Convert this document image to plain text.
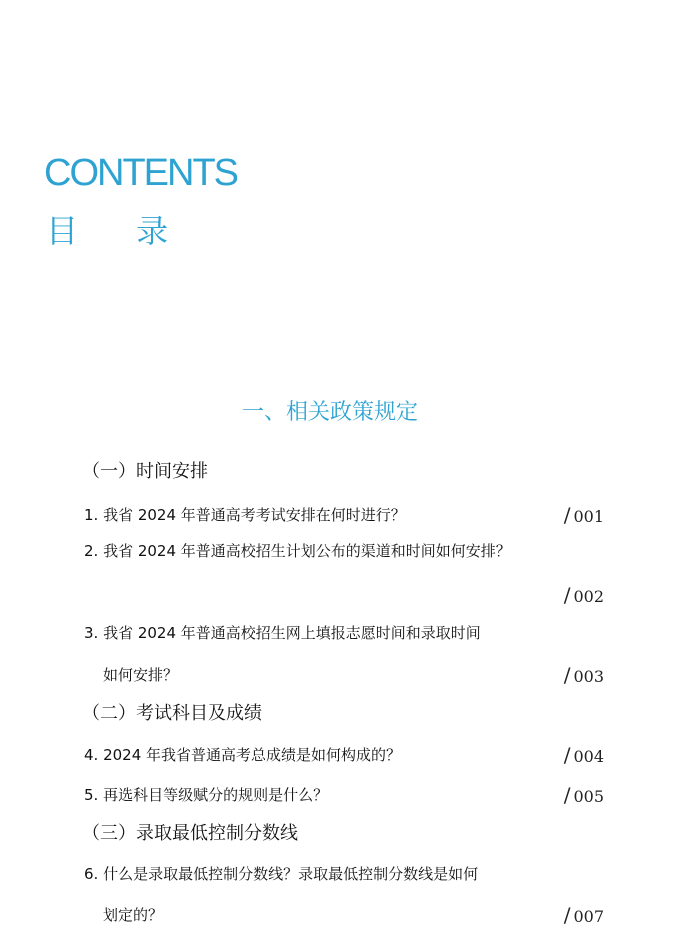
CONTENTS
目 录
一、相关政策规定
（一）时间安排
1. 我省 2024 年普通高考考试安排在何时进行？	/ 001
2. 我省 2024 年普通高校招生计划公布的渠道和时间如何安排？
/ 002
3. 我省 2024 年普通高校招生网上填报志愿时间和录取时间
如何安排？	/ 003
（二）考试科目及成绩
4. 2024 年我省普通高考总成绩是如何构成的？	/ 004
5. 再选科目等级赋分的规则是什么？	/ 005
（三）录取最低控制分数线
6. 什么是录取最低控制分数线？录取最低控制分数线是如何
划定的？	/ 007
